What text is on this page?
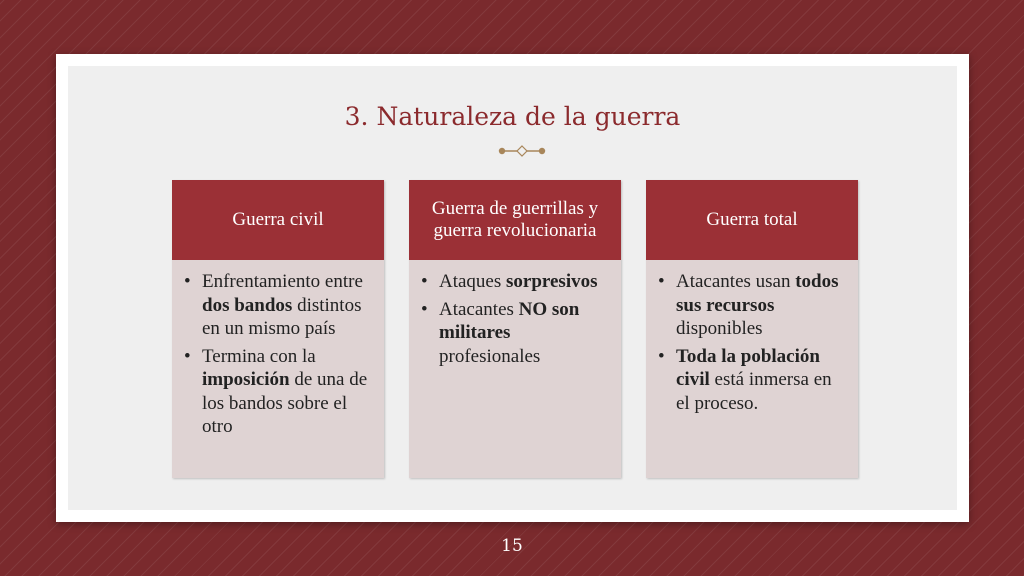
3. Naturaleza de la guerra
Guerra civil
• Enfrentamiento entre dos bandos distintos en un mismo país
• Termina con la imposición de una de los bandos sobre el otro
Guerra de guerrillas y guerra revolucionaria
• Ataques sorpresivos
• Atacantes NO son militares profesionales
Guerra total
• Atacantes usan todos sus recursos disponibles
• Toda la población civil está inmersa en el proceso.
15
